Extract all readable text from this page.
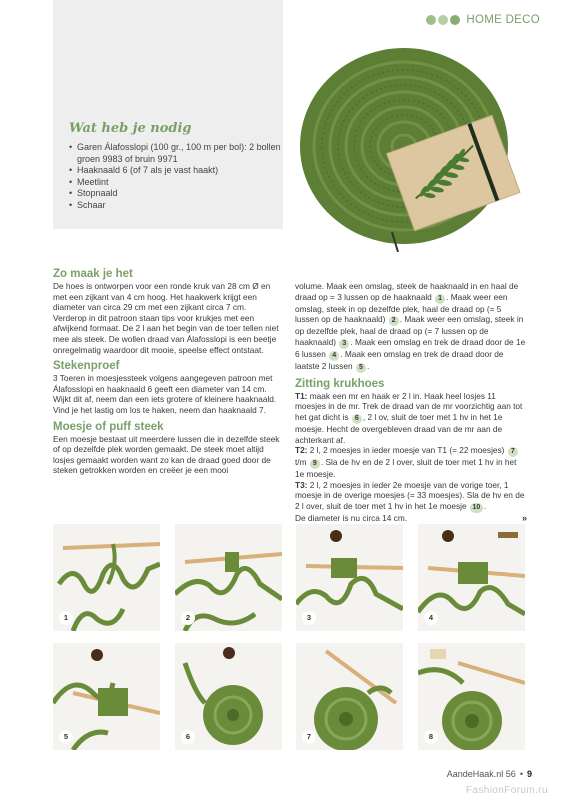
HOME DECO
Wat heb je nodig
• Garen Álafosslopi (100 gr., 100 m per bol): 2 bollen groen 9983 of bruin 9971
• Haaknaald 6 (of 7 als je vast haakt)
• Meetlint
• Stopnaald
• Schaar
Zo maak je het
De hoes is ontworpen voor een ronde kruk van 28 cm Ø en met een zijkant van 4 cm hoog. Het haakwerk krijgt een diameter van circa 29 cm met een zijkant circa 7 cm. Verderop in dit patroon staan tips voor krukjes met een afwijkend formaat. De 2 l aan het begin van de toer tellen niet mee als steek. De wollen draad van Álafosslopi is een beetje onregelmatig waardoor dit mooie, speelse effect ontstaat.
Stekenproef
3 Toeren in moesjessteek volgens aangegeven patroon met Álafosslopi en haaknaald 6 geeft een diameter van 14 cm. Wijkt dit af, neem dan een iets grotere of kleinere haaknaald. Vind je het lastig om los te haken, neem dan haaknaald 7.
Moesje of puff steek
Een moesje bestaat uit meerdere lussen die in dezelfde steek of op dezelfde plek worden gemaakt. De steek moet altijd losjes gemaakt worden want zo kan de draad goed door de steken getrokken worden en creëer je een mooi
volume. Maak een omslag, steek de haaknaald in en haal de draad op = 3 lussen op de haaknaald 1 . Maak weer een omslag, steek in op dezelfde plek, haal de draad op (= 5 lussen op de haaknaald) 2 . Maak weer een omslag, steek in op dezelfde plek, haal de draad op (= 7 lussen op de haaknaald) 3 . Maak een omslag en trek de draad door de 1e 6 lussen 4 . Maak een omslag en trek de draad door de laatste 2 lussen 5 .
Zitting krukhoes
T1: maak een mr en haak er 2 l in. Haak heel losjes 11 moesjes in de mr. Trek de draad van de mr voorzichtig aan tot het gat dicht is 6 , 2 l ov, sluit de toer met 1 hv in het 1e moesje. Hecht de overgebleven draad van de mr aan de achterkant af.
T2: 2 l, 2 moesjes in ieder moesje van T1 (= 22 moesjes) 7 t/m 9 . Sla de hv en de 2 l over, sluit de toer met 1 hv in het 1e moesje.
T3: 2 l, 2 moesjes in ieder 2e moesje van de vorige toer, 1 moesje in de overige moesjes (= 33 moesjes). Sla de hv en de 2 l over, sluit de toer met 1 hv in het 1e moesje 10 .
De diameter is nu circa 14 cm.	»
1	2	3	4
5	6	7	8
AandeHaak.nl 56 • 9
FashionForum.ru
